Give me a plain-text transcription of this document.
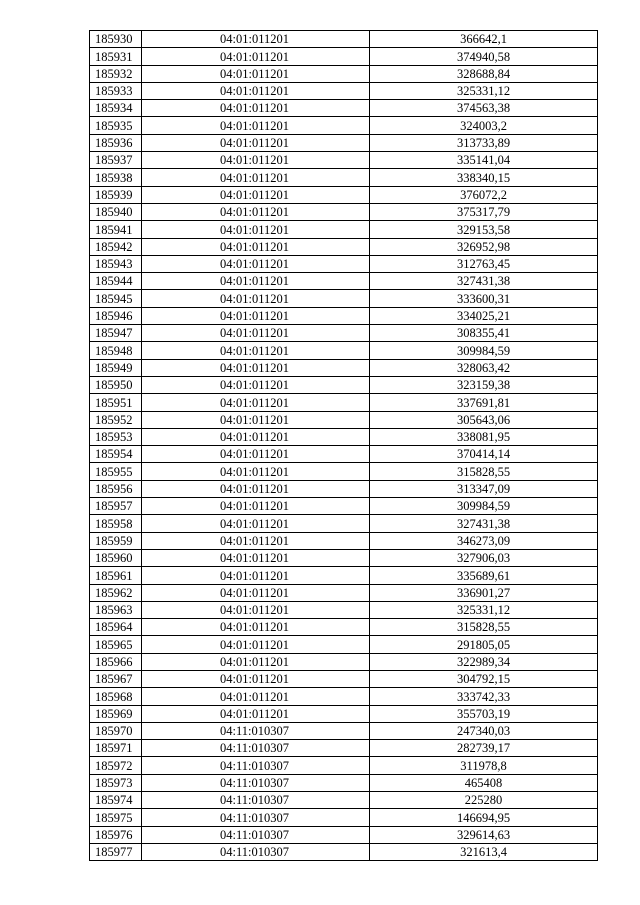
185930	04:01:011201	366642,1
185931	04:01:011201	374940,58
185932	04:01:011201	328688,84
185933	04:01:011201	325331,12
185934	04:01:011201	374563,38
185935	04:01:011201	324003,2
185936	04:01:011201	313733,89
185937	04:01:011201	335141,04
185938	04:01:011201	338340,15
185939	04:01:011201	376072,2
185940	04:01:011201	375317,79
185941	04:01:011201	329153,58
185942	04:01:011201	326952,98
185943	04:01:011201	312763,45
185944	04:01:011201	327431,38
185945	04:01:011201	333600,31
185946	04:01:011201	334025,21
185947	04:01:011201	308355,41
185948	04:01:011201	309984,59
185949	04:01:011201	328063,42
185950	04:01:011201	323159,38
185951	04:01:011201	337691,81
185952	04:01:011201	305643,06
185953	04:01:011201	338081,95
185954	04:01:011201	370414,14
185955	04:01:011201	315828,55
185956	04:01:011201	313347,09
185957	04:01:011201	309984,59
185958	04:01:011201	327431,38
185959	04:01:011201	346273,09
185960	04:01:011201	327906,03
185961	04:01:011201	335689,61
185962	04:01:011201	336901,27
185963	04:01:011201	325331,12
185964	04:01:011201	315828,55
185965	04:01:011201	291805,05
185966	04:01:011201	322989,34
185967	04:01:011201	304792,15
185968	04:01:011201	333742,33
185969	04:01:011201	355703,19
185970	04:11:010307	247340,03
185971	04:11:010307	282739,17
185972	04:11:010307	311978,8
185973	04:11:010307	465408
185974	04:11:010307	225280
185975	04:11:010307	146694,95
185976	04:11:010307	329614,63
185977	04:11:010307	321613,4
